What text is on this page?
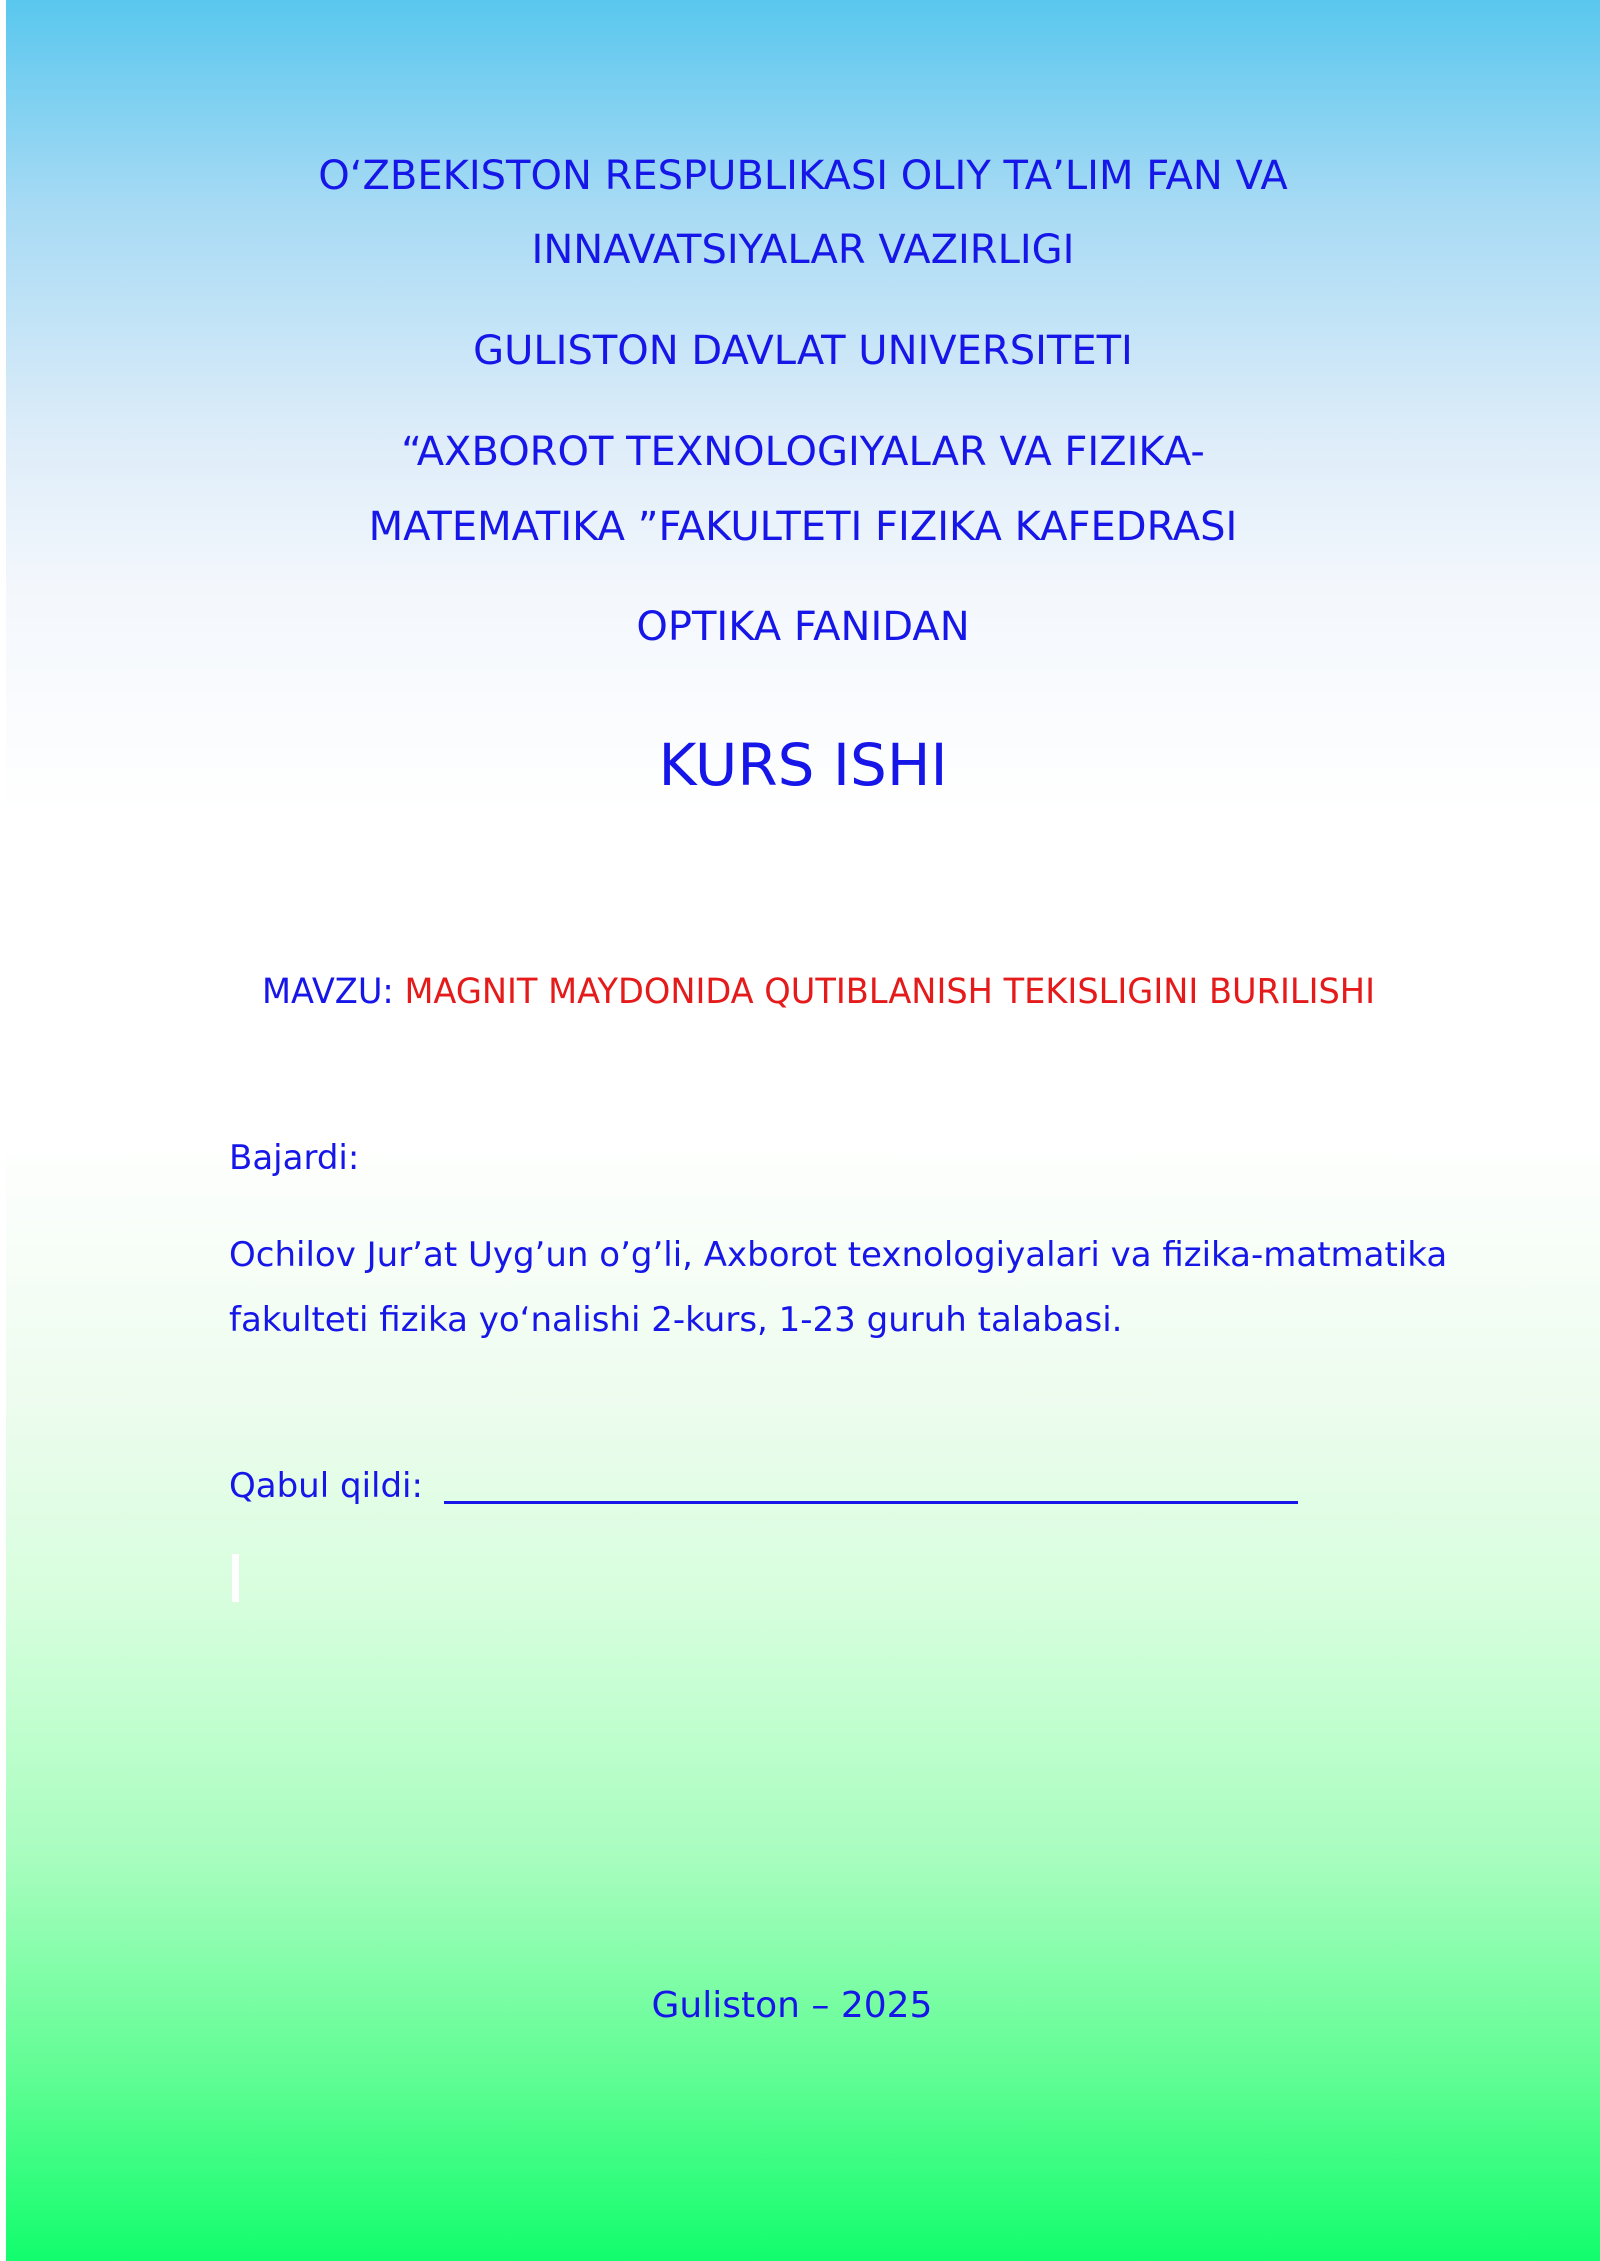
O‘ZBEKISTON RESPUBLIKASI OLIY TA’LIM FAN VA
INNAVATSIYALAR VAZIRLIGI
GULISTON DAVLAT UNIVERSITETI
“AXBOROT TEXNOLOGIYALAR VA FIZIKA-
MATEMATIKA ”FAKULTETI FIZIKA KAFEDRASI
OPTIKA FANIDAN
KURS ISHI
MAVZU: MAGNIT MAYDONIDA QUTIBLANISH TEKISLIGINI BURILISHI
Bajardi:
Ochilov Jur’at Uyg’un o’g’li, Axborot texnologiyalari va fizika-matmatika
fakulteti fizika yo‘nalishi 2-kurs, 1-23 guruh talabasi.
Qabul qildi:
Guliston – 2025
